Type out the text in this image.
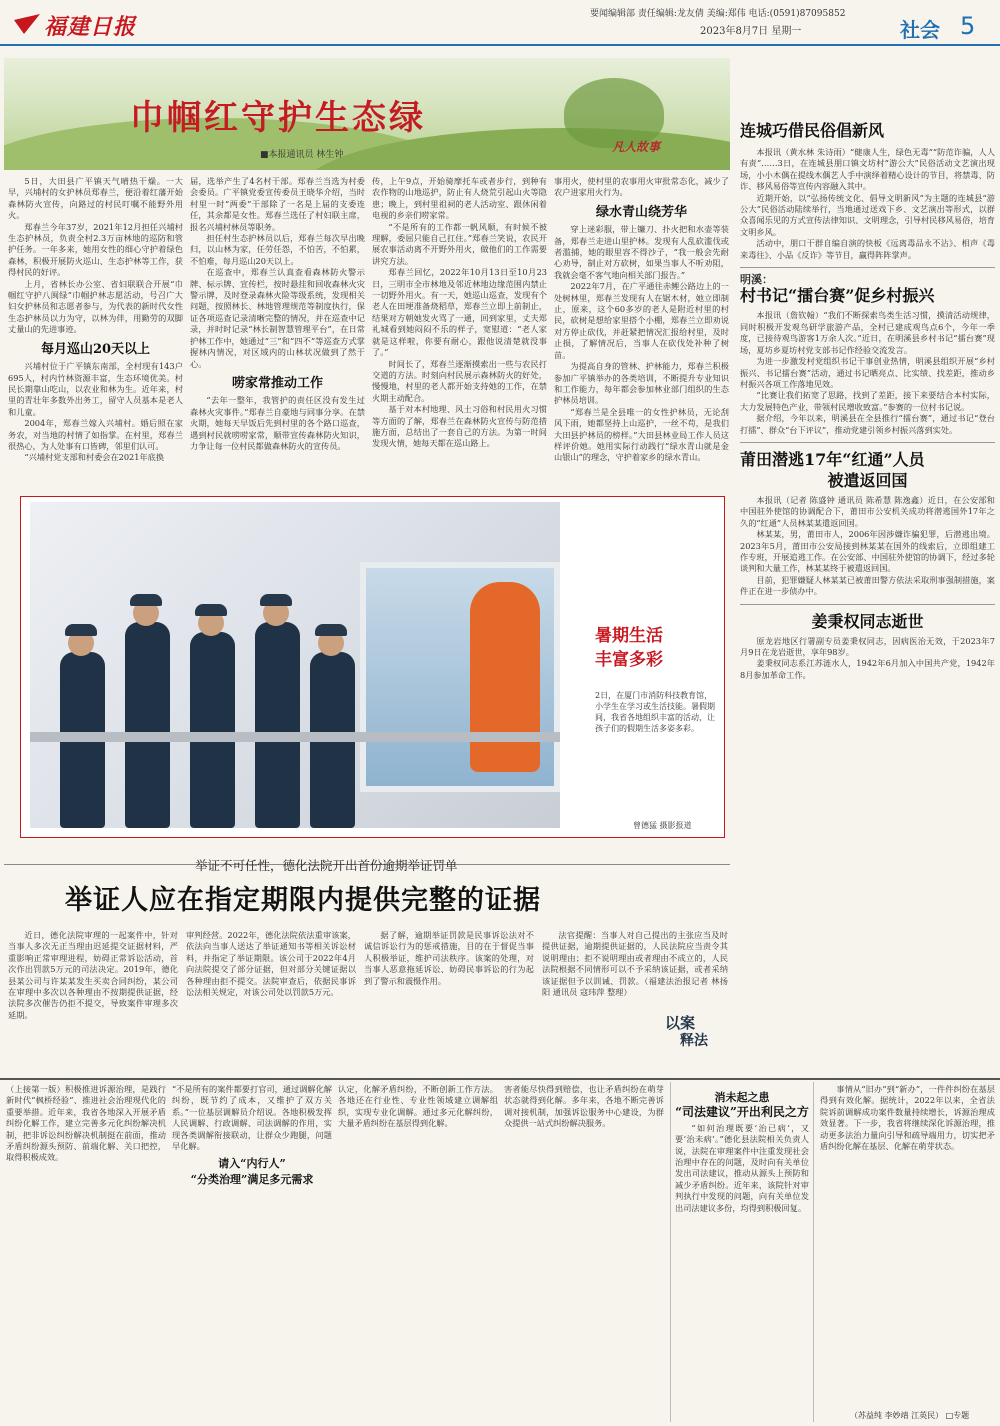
福建日报	要闻编辑部 责任编辑:龙友倩 美编:郑伟 电话:(0591)87095852
2023年8月7日 星期一	社会 5
巾帼红守护生态绿
■本报通讯员 林生钟
凡人故事

5日，大田县广平镇天气晴热干燥。一大早，兴埔村的女护林员郑春兰，便沿着红藩开始森林防火宣传，向路过的村民叮嘱不能野外用火。

郑春兰今年37岁，2021年12月担任兴埔村生态护林员，负责全村2.3万亩林地的巡防和管护任务。一年多来，她用女性的细心守护着绿色森林，积极开展防火巡山、生态护林等工作，获得村民的好评。

上月，省林长办公室、省妇联联合开展“巾帼红守护八闽绿”巾帼护林志愿活动，号召广大妇女护林员和志愿者参与，为代表的新时代女性生态护林员以力为守，以林为伴，用勤劳的双脚丈量山的先进事迹。

每月巡山20天以上

兴埔村位于广平镇东南部，全村现有143户695人，村内竹林资源丰富，生态环境优美。村民长期靠山吃山，以农业和林为生。近年来，村里的青壮年多数外出务工，留守人员基本是老人和儿童。

2004年，郑春兰嫁入兴埔村。婚后照在家务农，对当地的村情了如指掌。在村里，郑春兰很热心，为人处事有口皆碑，邻里们认可。

“兴埔村党支部和村委会在2021年底换

届，选举产生了4名村干部。郑春兰当选为村委会委员。广平镇党委宣传委员王晓华介绍，当时村里一时“两委”干部除了一名是上届的支委连任，其余都是女性。郑春兰选任了村妇联主席，报名兴埔村林员等职务。

担任村生态护林员以后，郑春兰每次早出晚归，以山林为家，任劳任怨，不怕苦，不怕累，不怕难，每月巡山20天以上。

在巡查中，郑春兰认真查看森林防火警示牌、标示牌、宣传栏，按时悬挂和回收森林火灾警示牌，及时登录森林火险等级系统，发现相关问题，按照林长、林地管理规范等制度执行，保证各项巡查记录清晰完整的情况，并在巡查中记录，并时时记录“林长制智慧管理平台”，在日常护林工作中，她通过“三”和“四不”等巡查方式掌握林内情况，对区域内的山林状况做到了然于心。

唠家常推动工作

“去年一整年，我管护的责任区没有发生过森林火灾事件。”郑春兰自豪地与同事分享。在禁火期，她每天早饭后先到村里的各个路口巡查，遇到村民就唠唠家常，顺带宣传森林防火知识，力争让每一位村民都做森林防火的宣传员。

传，上午9点，开始骑摩托车或者步行，到种有农作物的山地巡护，防止有人烧荒引起山火等隐患；晚上，到村里祖祠的老人活动室、跟休闲着电视的乡亲们唠家常。

“不是所有的工作都一帆风顺，有时候不被理解，委屈只能自己扛住。”郑春兰笑说，农民开展农事活动离不开野外用火，做他们的工作需要讲究方法。

郑春兰回忆，2022年10月13日至10月23日，三明市全市林地及邻近林地边缘范围内禁止一切野外用火。有一天，她巡山巡查，发现有个老人在田埂准备烧稻草，郑春兰立即上前制止，结果对方朝她发火骂了一通，回到家里，丈夫郑礼城看到她闷闷不乐的样子，宽慰道：“老人家就是这样啦，你要有耐心，跟他说清楚就没事了。”

时间长了，郑春兰逐渐摸索出一些与农民打交道的方法。时刻向村民展示森林防火的好处，慢慢地，村里的老人都开始支持她的工作，在禁火期主动配合。

基于对本村地理、风土习俗和村民用火习惯等方面的了解，郑春兰在森林防火宣传与防范措施方面，总结出了一套自己的方法。为第一时间发现火情，她每天都在巡山路上。

事用火，使村里的农事用火审批常态化，减少了农户进家用火行为。

绿水青山绕芳华

穿上迷彩服，带上镰刀、扑火把和水壶等装备，郑春兰走进山里护林。发现有人乱砍滥伐或者滥捕，她的眼里容不得沙子，“我一般会先耐心劝导，制止对方砍树，如果当事人不听劝阻，我就会毫不客气地向相关部门报告。”

2022年7月，在广平通往赤鲤公路边上的一处树林里，郑春兰发现有人在锯木材，她立即制止，原来，这个60多岁的老人是附近村里的村民，砍树是想给家里搭个小棚，郑春兰立即劝说对方停止砍伐，并赶紧把情况汇报给村里，及时止损，了解情况后，当事人在砍伐处补种了树苗。

为提高自身的管林、护林能力，郑春兰积极参加广平镇举办的各类培训，不断提升专业知识和工作能力，每年都会参加林业部门组织的生态护林员培训。

“郑春兰是全县唯一的女性护林员，无论刮风下雨，她都坚持上山巡护，一丝不苟，是我们大田县护林员的榜样。”大田县林业局工作人员这样评价她。她用实际行动践行“绿水青山就是金山银山”的理念，守护着家乡的绿水青山。

暑期生活
丰富多彩
2日，在厦门市消防科技教育馆，小学生在学习或生活技能。暑假期间，我省各地组织丰富的活动，让孩子们的假期生活多姿多彩。
曾德猛 摄影报道
举证不可任性，德化法院开出首份逾期举证罚单
举证人应在指定期限内提供完整的证据

近日，德化法院审理的一起案件中，针对当事人多次无正当理由迟延提交证据材料，严重影响正常审理进程，妨碍正常诉讼活动，首次作出罚款5万元的司法决定。2019年，德化县某公司与许某某发生买卖合同纠纷，某公司在审理中多次以各种理由不按期提供证据，经法院多次催告仍拒不提交，导致案件审理多次延期。

审判经营。2022年，德化法院依法重审该案，依法向当事人送达了举证通知书等相关诉讼材料，并指定了举证期限。该公司于2022年4月向法院提交了部分证据，但对部分关键证据以各种理由拒不提交。法院审查后，依据民事诉讼法相关规定，对该公司处以罚款5万元。

据了解，逾期举证罚款是民事诉讼法对不诚信诉讼行为的惩戒措施，目的在于督促当事人积极举证，维护司法秩序。该案的处理，对当事人恶意拖延诉讼、妨碍民事诉讼的行为起到了警示和震慑作用。

法官提醒：当事人对自己提出的主张应当及时提供证据，逾期提供证据的，人民法院应当责令其说明理由；拒不说明理由或者理由不成立的，人民法院根据不同情形可以不予采纳该证据，或者采纳该证据但予以训诫、罚款。（福建法治报记者 林扬阳 通讯员 寇玮萍 整理）

以案
释法
连城巧借民俗倡新风

本报讯（黄水林 朱诗雨）“健康人生，绿色无毒”“防范诈骗，人人有责”……3日，在连城县朋口镇文坊村“游公大”民俗活动文艺演出现场，小小木偶在提线木偶艺人手中演绎着精心设计的节目，将禁毒、防诈、移风易俗等宣传内容融入其中。

近期开始，以“弘扬传统文化、倡导文明新风”为主题的连城县“游公大”民俗活动陆续举行，当地通过送戏下乡、文艺演出等形式，以群众喜闻乐见的方式宣传法律知识、文明理念，引导村民移风易俗，培育文明乡风。

活动中，朋口干群自编自演的快板《远离毒品永不沾》、相声《毒来毒往》、小品《反诈》等节目，赢得阵阵掌声。

明溪：
村书记“擂台赛”促乡村振兴

本报讯（詹钦翰）“我们不断探索鸟类生活习惯，摸清活动规律，同时积极开发观鸟研学旅游产品，全村已建成观鸟点6个，今年一季度，已接待观鸟游客1万余人次。”近日，在明溪县乡村书记“擂台赛”现场，夏坊乡夏坊村党支部书记作经验交流发言。

为进一步激发村党组织书记干事创业热情，明溪县组织开展“乡村振兴、书记擂台赛”活动，通过书记晒亮点、比实绩、找差距，推动乡村振兴各项工作落地见效。

“比赛让我们拓宽了思路，找到了差距，接下来要结合本村实际，大力发展特色产业，带领村民增收致富。”参赛的一位村书记说。

据介绍，今年以来，明溪县在全县推行“擂台赛”，通过书记“登台打擂”、群众“台下评议”，推动党建引领乡村振兴落到实处。

莆田潜逃17年“红通”人员
被遣返回国

本报讯（记者 陈盛钟 通讯员 陈希慧 陈逸鑫）近日，在公安部和中国驻外使馆的协调配合下，莆田市公安机关成功将潜逃国外17年之久的“红通”人员林某某遣返回国。

林某某，男，莆田市人，2006年因涉嫌诈骗犯罪，后潜逃出境。2023年5月，莆田市公安局接到林某某在国外的线索后，立即组建工作专班，开展追逃工作。在公安部、中国驻外使馆的协调下，经过多轮谈判和大量工作，林某某终于被遣返回国。

目前，犯罪嫌疑人林某某已被莆田警方依法采取刑事强制措施，案件正在进一步侦办中。

姜秉权同志逝世

原龙岩地区行署副专员姜秉权同志，因病医治无效，于2023年7月9日在龙岩逝世，享年98岁。

姜秉权同志系江苏涟水人，1942年6月加入中国共产党，1942年8月参加革命工作。

（上接第一版）积极推进诉源治理，是践行新时代“枫桥经验”、推进社会治理现代化的重要举措。近年来，我省各地深入开展矛盾纠纷化解工作，建立完善多元化纠纷解决机制，把非诉讼纠纷解决机制挺在前面，推动矛盾纠纷源头预防、前端化解、关口把控，取得积极成效。

“不是所有的案件都要打官司，通过调解化解纠纷，既节约了成本，又维护了双方关系。”一位基层调解员介绍说。各地积极发挥人民调解、行政调解、司法调解的作用，实现各类调解衔接联动，让群众少跑腿，问题早化解。

请入“内行人”
“分类治理”满足多元需求

认定，化解矛盾纠纷，不断创新工作方法。各地还在行业性、专业性领域建立调解组织，实现专业化调解。通过多元化解纠纷，大量矛盾纠纷在基层得到化解。

害者能尽快得到赔偿，也让矛盾纠纷在萌芽状态就得到化解。多年来，各地不断完善诉调对接机制，加强诉讼服务中心建设，为群众提供一站式纠纷解决服务。

消未起之患
“司法建议”开出利民之方

“如何治理既要‘治已病’，又要‘治未病’。”德化县法院相关负责人说，法院在审理案件中注重发现社会治理中存在的问题，及时向有关单位发出司法建议，推动从源头上预防和减少矛盾纠纷。近年来，该院针对审判执行中发现的问题，向有关单位发出司法建议多份，均得到积极回复。

事情从“旧办”到“新办”，一件件纠纷在基层得到有效化解。据统计，2022年以来，全省法院诉前调解成功案件数量持续增长，诉源治理成效显著。下一步，我省将继续深化诉源治理，推动更多法治力量向引导和疏导端用力，切实把矛盾纠纷化解在基层、化解在萌芽状态。

（苏益纯 李妙靖 江英民） □专题
